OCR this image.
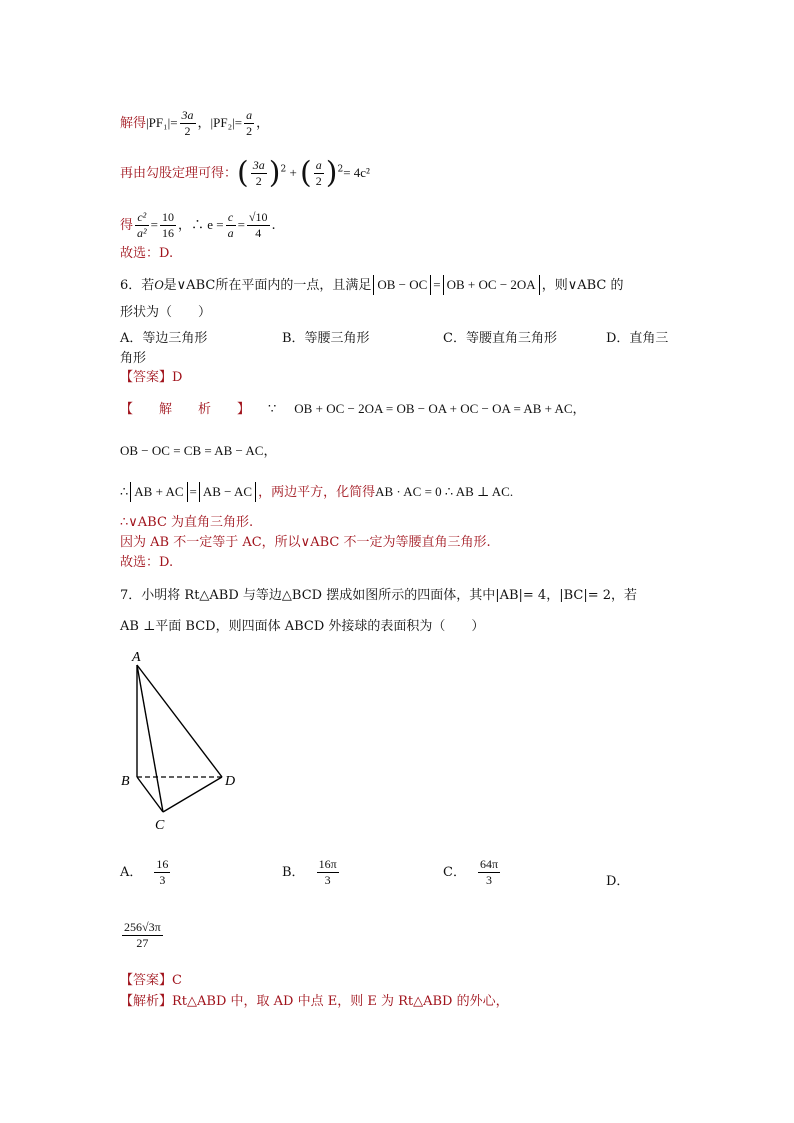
解得$|PF_1|= \frac{3a}{2}$ ，$|PF_2|= \frac{a}{2}$ ，
再由勾股定理可得：( $\frac{3a}{2} )^2$ + ( $\frac{a}{2} )^2= 4c^2$
得 $\frac{\text{c²}}{\text{a²}} = \frac{10}{16}$ ，∴ $e = \frac{c}{a} = \frac{√10}{4}$ .
故选：D.
6．若O是∨ABC所在平面内的一点，且满足 OB − OC = OB + OC − 2OA ，则∨ABC 的
形状为（　　）
A．等边三角形	B．等腰三角形	C．等腰直角三角形	D．直角三
角形
【答案】D
【　　解　　析　　】 ∵ OB + OC − 2OA = OB − OA + OC − OA = AB + AC，
OB − OC = CB = AB − AC，
∴ AB + AC = AB − AC ，两边平方，化简得AB · AC = 0 ∴ AB ⊥ AC.
∴∨ABC 为直角三角形.
因为 AB 不一定等于 AC，所以∨ABC 不一定为等腰直角三角形.
故选：D.
7．小明将 Rt△ABD 与等边△BCD 摆成如图所示的四面体，其中|AB|= 4，|BC|= 2，若
AB ⊥平面 BCD，则四面体 ABCD 外接球的表面积为（　　）
A
B	D
C
A． $\frac{16}{3}$	B． $\frac{16\pi}{3}$	C． $\frac{64\pi}{3}$	D．
$\frac{256√3\pi}{27}$
【答案】C
【解析】Rt△ABD 中，取 AD 中点 E，则 E 为 Rt△ABD 的外心，
